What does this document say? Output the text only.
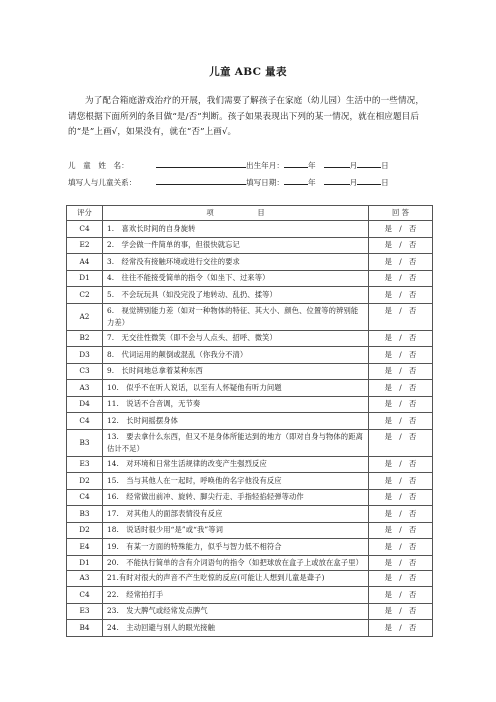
儿童 ABC 量表
为了配合箱庭游戏治疗的开展，我们需要了解孩子在家庭（幼儿园）生活中的一些情况，请您根据下面所列的条目做“是/否”判断。孩子如果表现出下列的某一情况，就在相应题目后的“是”上画√，如果没有，就在“否”上画√。
儿　童　姓　名：	出生年月：	年	月	日
填写人与儿童关系：	填写日期：	年	月	日
评分	项　　　　　　目	回 答
C4	1.　喜欢长时间的自身旋转	是　/　否
E2	2.　学会做一件简单的事，但很快就忘记	是　/　否
A4	3.　经常没有接触环境或进行交往的要求	是　/　否
D1	4.　往往不能接受简单的指令（如坐下、过来等）	是　/　否
C2	5.　不会玩玩具（如没完没了地转动、乱扔、揉等）	是　/　否
A2	6.　视觉辨别能力差（如对一种物体的特征、其大小、颜色、位置等的辨别能力差）	是　/　否
B2	7.　无交往性微笑（即不会与人点头、招呼、微笑）	是　/　否
D3	8.　代词运用的颠倒或混乱（你我分不清）	是　/　否
C3	9.　长时间地总拿着某种东西	是　/　否
A3	10.　似乎不在听人说话，以至有人怀疑他有听力问题	是　/　否
D4	11.　说话不合音调，无节奏	是　/　否
C4	12.　长时间摇摆身体	是　/　否
B3	13.　要去拿什么东西，但又不是身体所能达到的地方（即对自身与物体的距离估计不足）	是　/　否
E3	14.　对环境和日常生活规律的改变产生强烈反应	是　/　否
D2	15.　当与其他人在一起时，呼唤他的名字他没有反应	是　/　否
C4	16.　经常做出前冲、旋转、脚尖行走、手指轻掐轻弹等动作	是　/　否
B3	17.　对其他人的面部表情没有反应	是　/　否
D2	18.　说话时很少用“是”或“我”等词	是　/　否
E4	19.　有某一方面的特殊能力，似乎与智力低不相符合	是　/　否
D1	20.　不能执行简单的含有介词语句的指令（如把球放在盒子上或放在盒子里）	是　/　否
A3	21.有时对很大的声音不产生吃惊的反应(可能让人想到儿童是聋子)	是　/　否
C4	22.　经常拍打手	是　/　否
E3	23.　发大脾气或经常发点脾气	是　/　否
B4	24.　主动回避与别人的眼光接触	是　/　否
